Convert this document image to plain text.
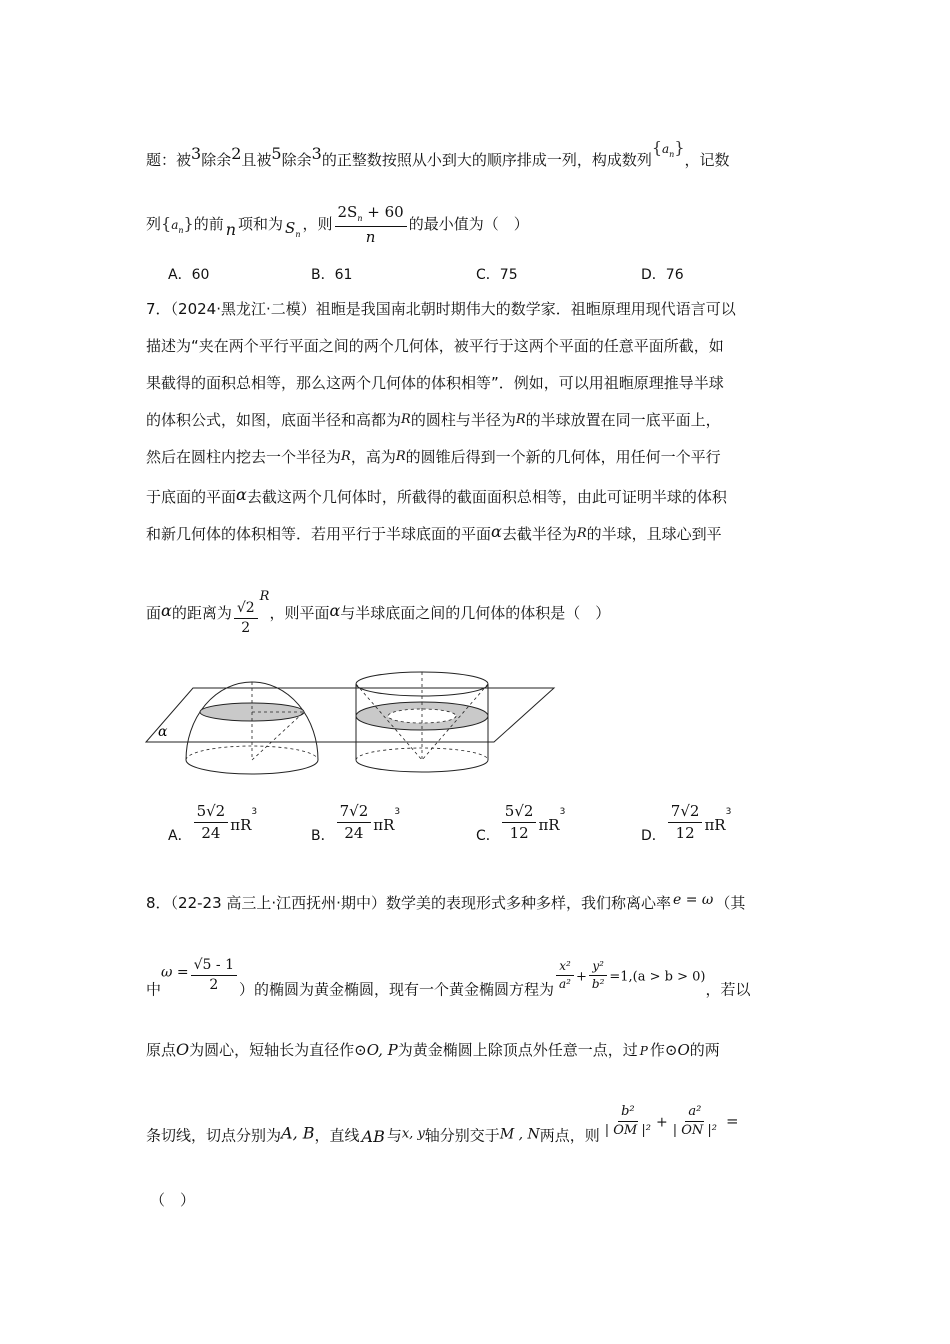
题：被3除余2且被5除余3的正整数按照从小到大的顺序排成一列，构成数列$\{a_n\}$，记数
列$\{a_n\}$的前 n 项和为 $S_n$，则 $\frac{2S_n + 60}{n}$ 的最小值为（　）
A．60	B．61	C．75	D．76
7．（2024·黑龙江·二模）祖暅是我国南北朝时期伟大的数学家．祖暅原理用现代语言可以
描述为“夹在两个平行平面之间的两个几何体，被平行于这两个平面的任意平面所截，如
果截得的面积总相等，那么这两个几何体的体积相等”．例如，可以用祖暅原理推导半球
的体积公式，如图，底面半径和高都为R的圆柱与半径为R的半球放置在同一底平面上，
然后在圆柱内挖去一个半径为R，高为R的圆锥后得到一个新的几何体，用任何一个平行
于底面的平面α去截这两个几何体时，所截得的截面面积总相等，由此可证明半球的体积
和新几何体的体积相等．若用平行于半球底面的平面α去截半径为R的半球，且球心到平
面α的距离为 $\frac{√2}{2}$
R，则平面α与半球底面之间的几何体的体积是（　）
α
A． $\frac{5√2}{24} \pi R^3$
B． $\frac{7√2}{24} \pi R^3$
C． $\frac{5√2}{12} \pi R^3$
D． $\frac{7√2}{12} \pi R^3$
8．（22-23 高三上·江西抚州·期中）数学美的表现形式多种多样，我们称离心率 e = ω （其
中$\omega = \frac{√5 - 1}{2}$ ）的椭圆为黄金椭圆，现有一个黄金椭圆方程为 $\frac{\text{x²}}{\text{a²}} + \frac{\text{y²}}{\text{b²}} =1,(a > b > 0)$，若以
原点O为圆心，短轴长为直径作⊙O, P为黄金椭圆上除顶点外任意一点，过 P 作⊙O的两
条切线，切点分别为A, B，直线 AB 与x, y轴分别交于M , N两点，则 $\frac{\text{b²}}{\text{| OM |²}} + \frac{\text{a²}}{\text{| ON |²}}$ =
（　）
